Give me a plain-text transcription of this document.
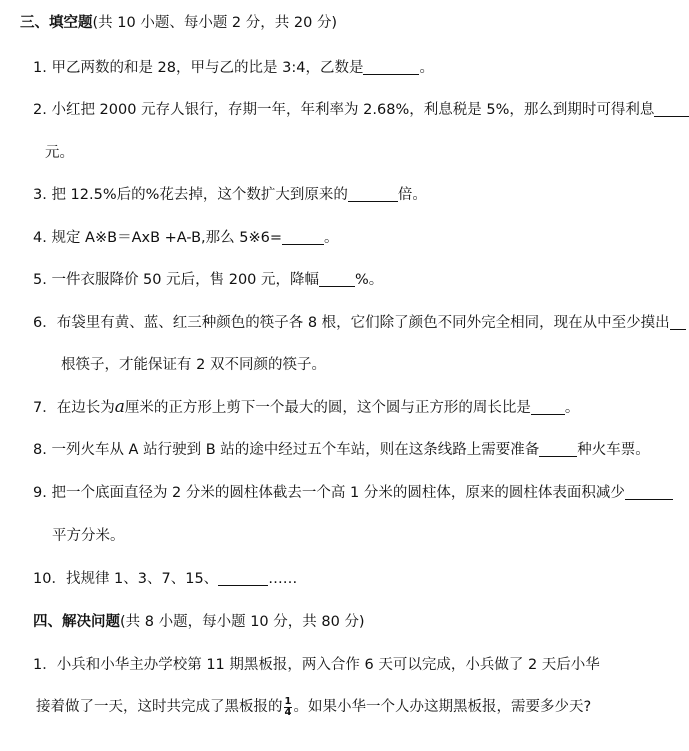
三、填空题(共 10 小题、每小题 2 分，共 20 分)
1. 甲乙两数的和是 28，甲与乙的比是 3:4，乙数是	。
2. 小红把 2000 元存人银行，存期一年，年利率为 2.68%，利息税是 5%，那么到期时可得利息
元。
3. 把 12.5%后的%花去掉，这个数扩大到原来的	倍。
4. 规定 A※B＝AxB +A-B,那么 5※6=	。
5. 一件衣服降价 50 元后，售 200 元，降幅 %。
6．布袋里有黄、蓝、红三种颜色的筷子各 8 根，它们除了颜色不同外完全相同，现在从中至少摸出
根筷子，才能保证有 2 双不同颜的筷子。
7．在边长为a厘米的正方形上剪下一个最大的圆，这个圆与正方形的周长比是 。
8. 一列火车从 A 站行驶到 B 站的途中经过五个车站，则在这条线路上需要准备	种火车票。
9. 把一个底面直径为 2 分米的圆柱体截去一个高 1 分米的圆柱体，原来的圆柱体表面积减少
平方分米。
10．找规律 1、3、7、15、	……
四、解决问题(共 8 小题，每小题 10 分，共 80 分)
1．小兵和小华主办学校第 11 期黑板报，两入合作 6 天可以完成，小兵做了 2 天后小华
接着做了一天，这时共完成了黑板报的 $\frac{1}{4}$ 。如果小华一个人办这期黑板报，需要多少天?
